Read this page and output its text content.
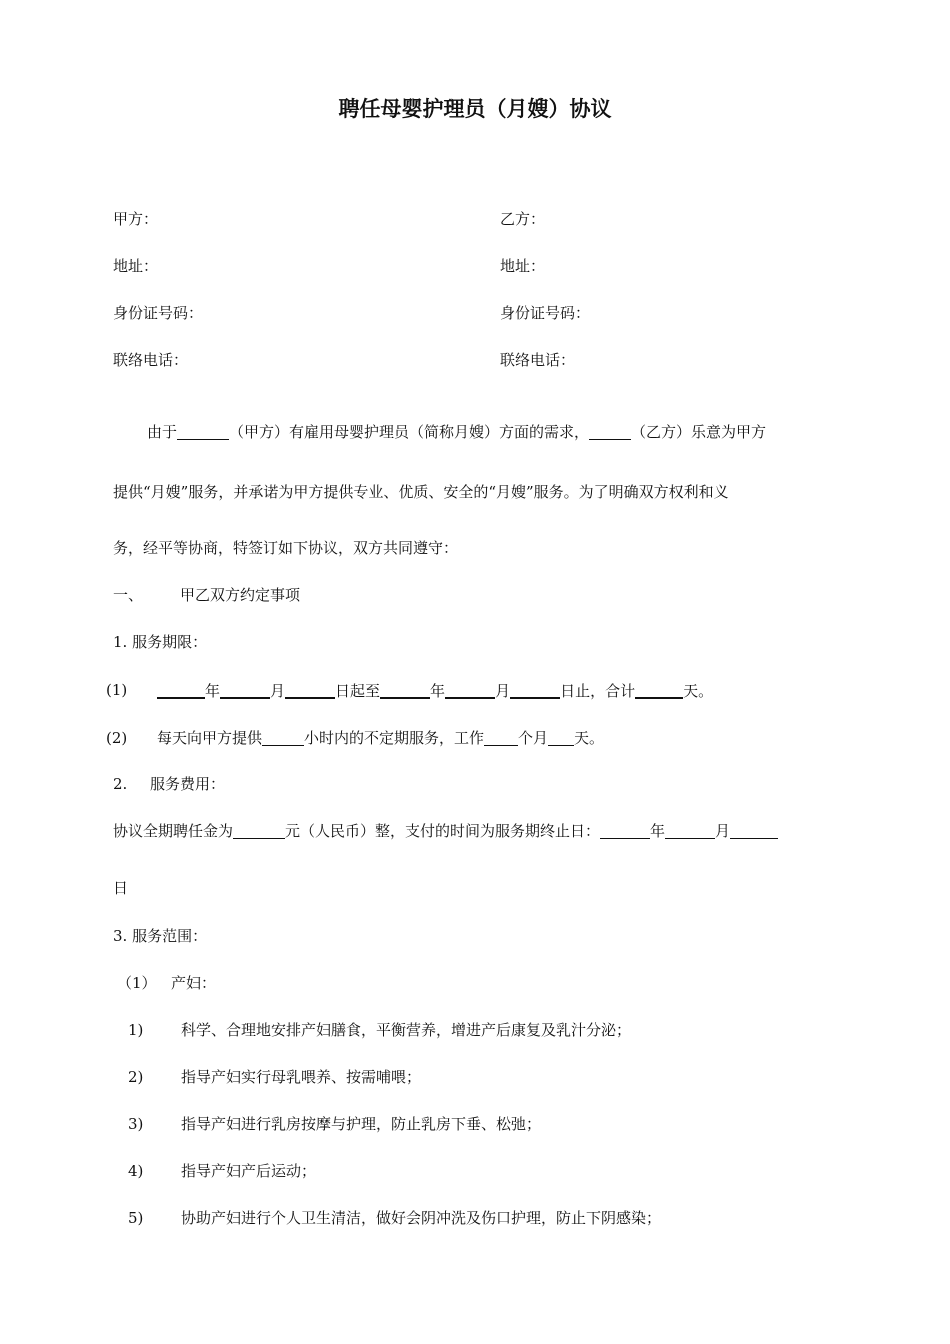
聘任母婴护理员（月嫂）协议
甲方：	乙方：
地址：	地址：
身份证号码：	身份证号码：
联络电话：	联络电话：
由于	（甲方）有雇用母婴护理员（简称月嫂）方面的需求，	（乙方）乐意为甲方
提供“月嫂”服务，并承诺为甲方提供专业、优质、安全的“月嫂”服务。为了明确双方权利和义
务，经平等协商，特签订如下协议，双方共同遵守：
一、 甲乙双方约定事项
1. 服务期限：
(1)	年	月	日起至	年	月	日止，合计	天。
(2) 每天向甲方提供	小时内的不定期服务，工作 个月 天。
2. 服务费用：
协议全期聘任金为	元（人民币）整，支付的时间为服务期终止日：	年	月
日
3. 服务范围：
（1） 产妇：
1)	科学、合理地安排产妇膳食，平衡营养，增进产后康复及乳汁分泌；
2)	指导产妇实行母乳喂养、按需哺喂；
3)	指导产妇进行乳房按摩与护理，防止乳房下垂、松弛；
4)	指导产妇产后运动；
5)	协助产妇进行个人卫生清洁，做好会阴冲洗及伤口护理，防止下阴感染；
